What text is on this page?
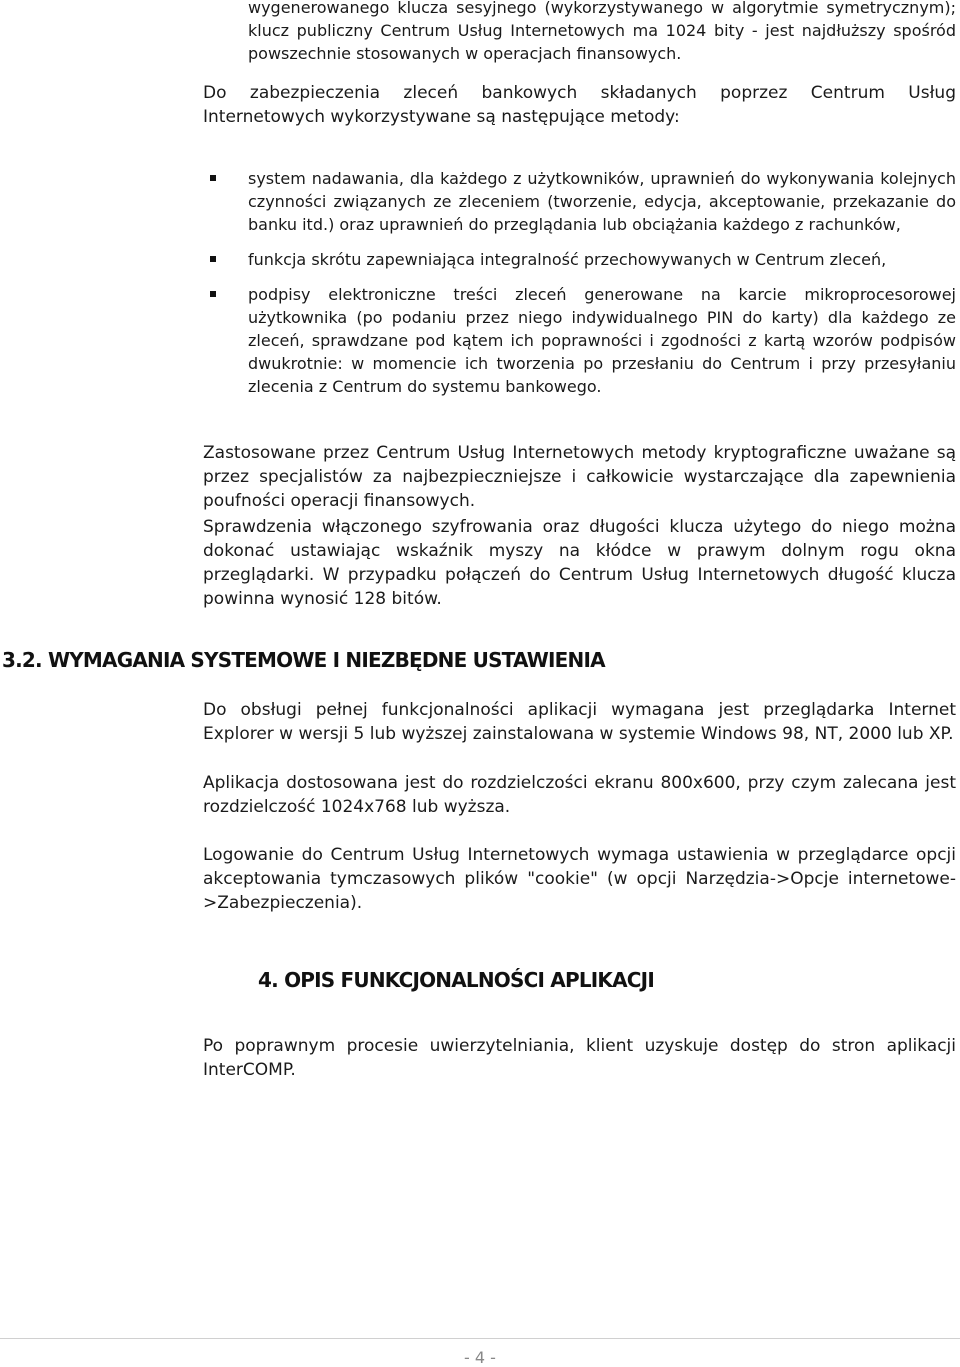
wygenerowanego klucza sesyjnego (wykorzystywanego w algorytmie symetrycznym); klucz publiczny Centrum Usług Internetowych ma 1024 bity - jest najdłuższy spośród powszechnie stosowanych w operacjach finansowych.

Do zabezpieczenia zleceń bankowych składanych poprzez Centrum Usług Internetowych wykorzystywane są następujące metody:

system nadawania, dla każdego z użytkowników, uprawnień do wykonywania kolejnych czynności związanych ze zleceniem (tworzenie, edycja, akceptowanie, przekazanie do banku itd.) oraz uprawnień do przeglądania lub obciążania każdego z rachunków,
funkcja skrótu zapewniająca integralność przechowywanych w Centrum zleceń,
podpisy elektroniczne treści zleceń generowane na karcie mikroprocesorowej użytkownika (po podaniu przez niego indywidualnego PIN do karty) dla każdego ze zleceń, sprawdzane pod kątem ich poprawności i zgodności z kartą wzorów podpisów dwukrotnie: w momencie ich tworzenia po przesłaniu do Centrum i przy przesyłaniu zlecenia z Centrum do systemu bankowego.

Zastosowane przez Centrum Usług Internetowych metody kryptograficzne uważane są przez specjalistów za najbezpieczniejsze i całkowicie wystarczające dla zapewnienia poufności operacji finansowych.

Sprawdzenia włączonego szyfrowania oraz długości klucza użytego do niego można dokonać ustawiając wskaźnik myszy na kłódce w prawym dolnym rogu okna przeglądarki. W przypadku połączeń do Centrum Usług Internetowych długość klucza powinna wynosić 128 bitów.

3.2. WYMAGANIA SYSTEMOWE I NIEZBĘDNE USTAWIENIA

Do obsługi pełnej funkcjonalności aplikacji wymagana jest przeglądarka Internet Explorer w wersji 5 lub wyższej zainstalowana w systemie Windows 98, NT, 2000 lub XP.

Aplikacja dostosowana jest do rozdzielczości ekranu 800x600, przy czym zalecana jest rozdzielczość 1024x768 lub wyższa.

Logowanie do Centrum Usług Internetowych wymaga ustawienia w przeglądarce opcji akceptowania tymczasowych plików "cookie" (w opcji Narzędzia->Opcje internetowe->Zabezpieczenia).

4. OPIS FUNKCJONALNOŚCI APLIKACJI

Po poprawnym procesie uwierzytelniania, klient uzyskuje dostęp do stron aplikacji InterCOMP.

- 4 -
